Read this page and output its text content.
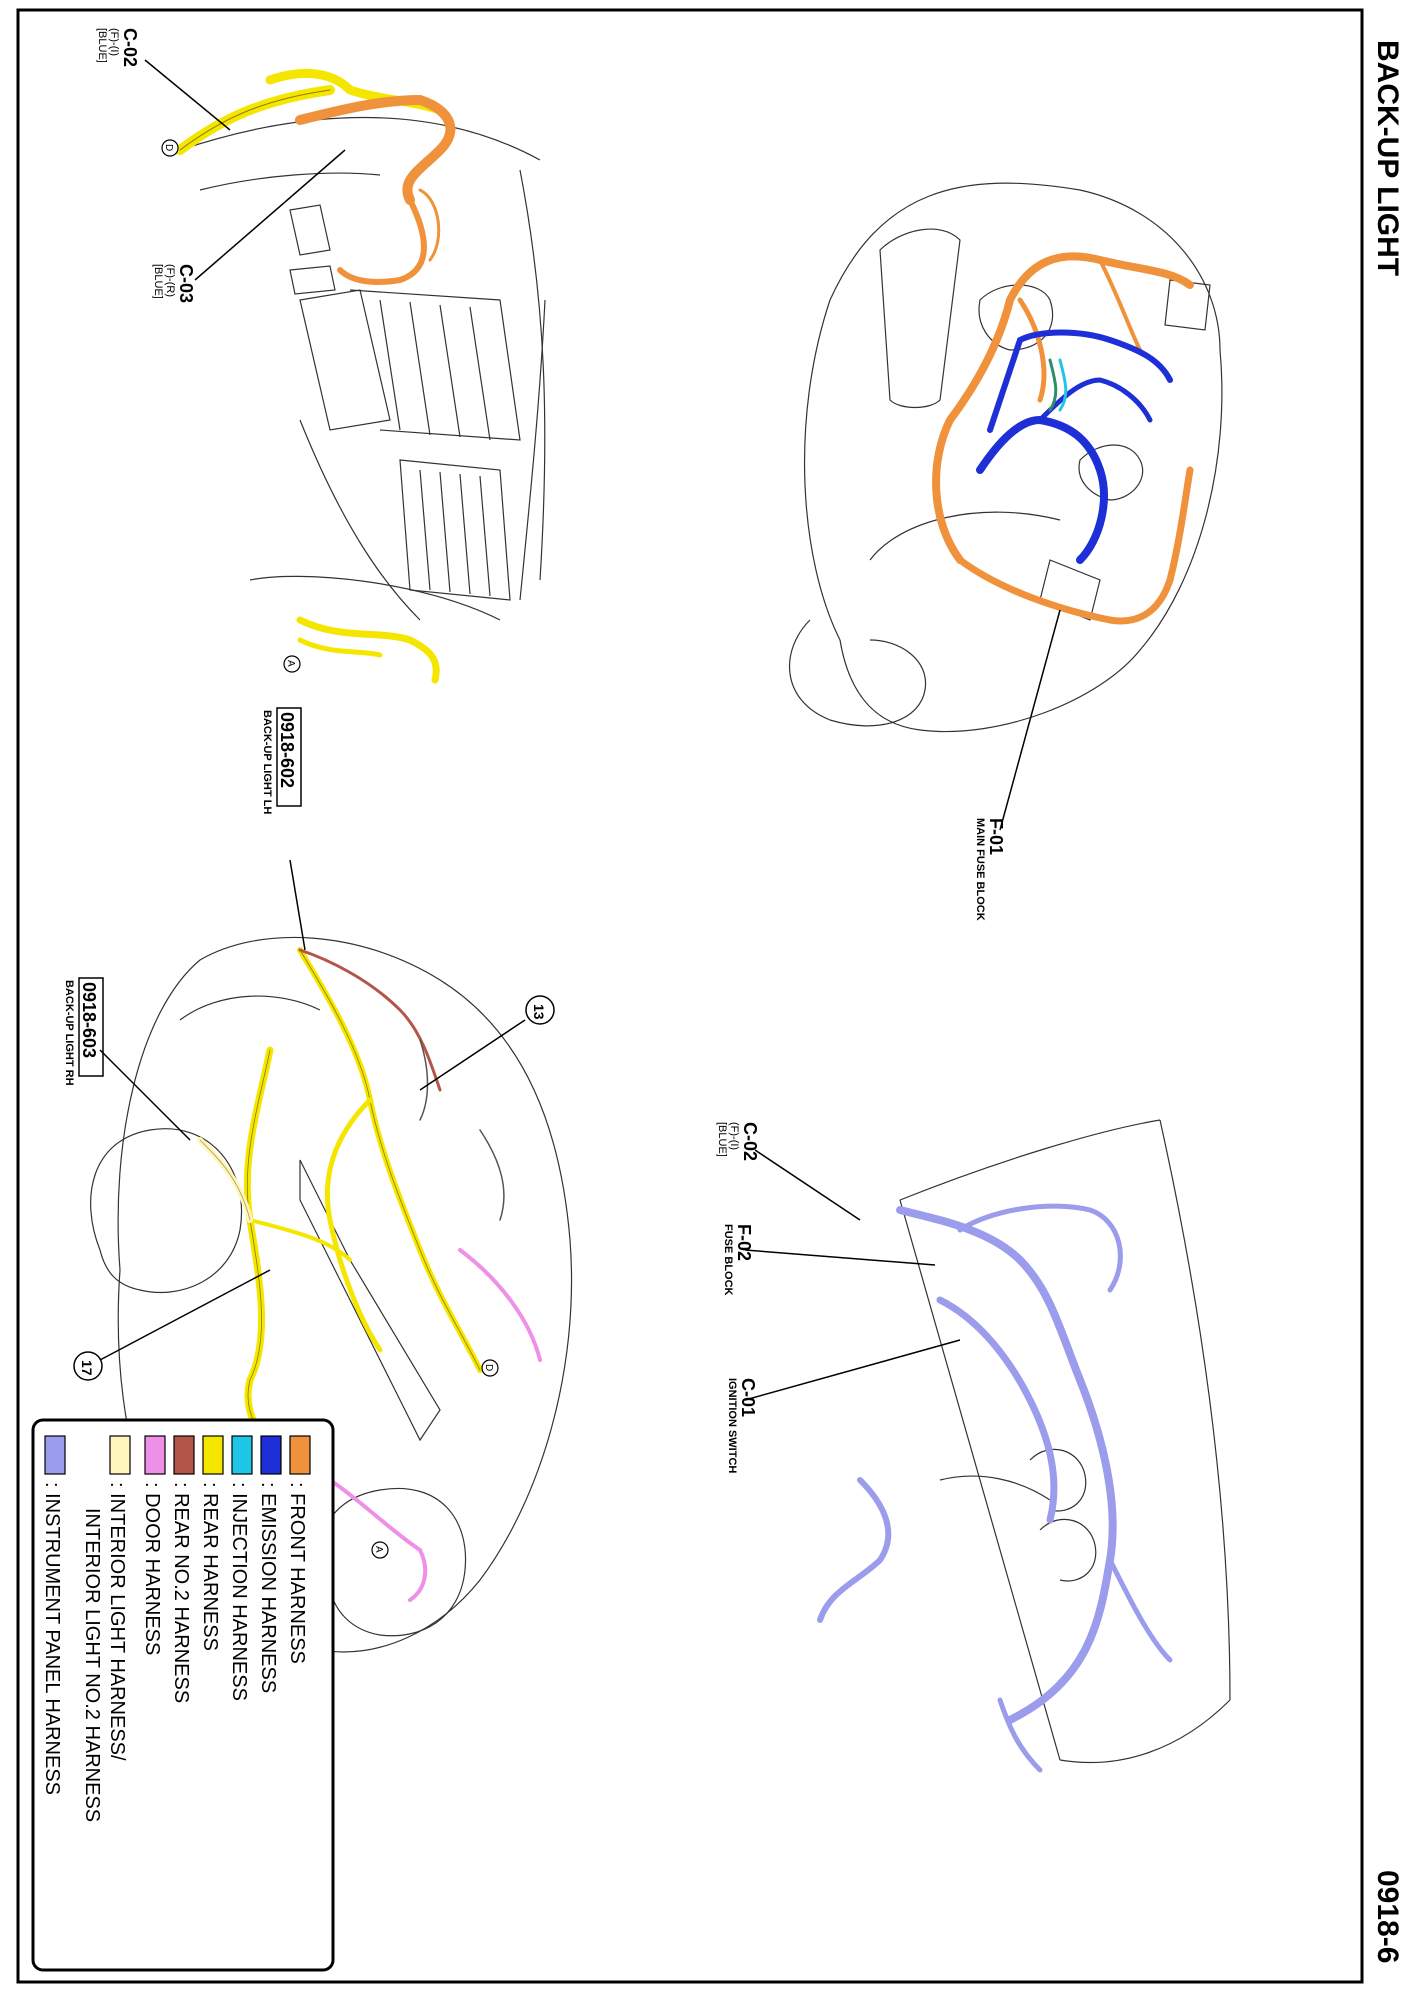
BACK-UP LIGHT
0918-6
C-02
(F)-(I)
[BLUE]
C-03
(F)-(R)
[BLUE]
F-01
MAIN FUSE BLOCK
0918-602
BACK-UP LIGHT LH
0918-603
BACK-UP LIGHT RH
C-02
(F)-(I)
[BLUE]
F-02
FUSE BLOCK
C-01
IGNITION SWITCH
13
17
D
A
A
D
: FRONT HARNESS
: EMISSION HARNESS
: INJECTION HARNESS
: REAR HARNESS
: REAR NO.2 HARNESS
: DOOR HARNESS
: INTERIOR LIGHT HARNESS/
INTERIOR LIGHT NO.2 HARNESS
: INSTRUMENT PANEL HARNESS
